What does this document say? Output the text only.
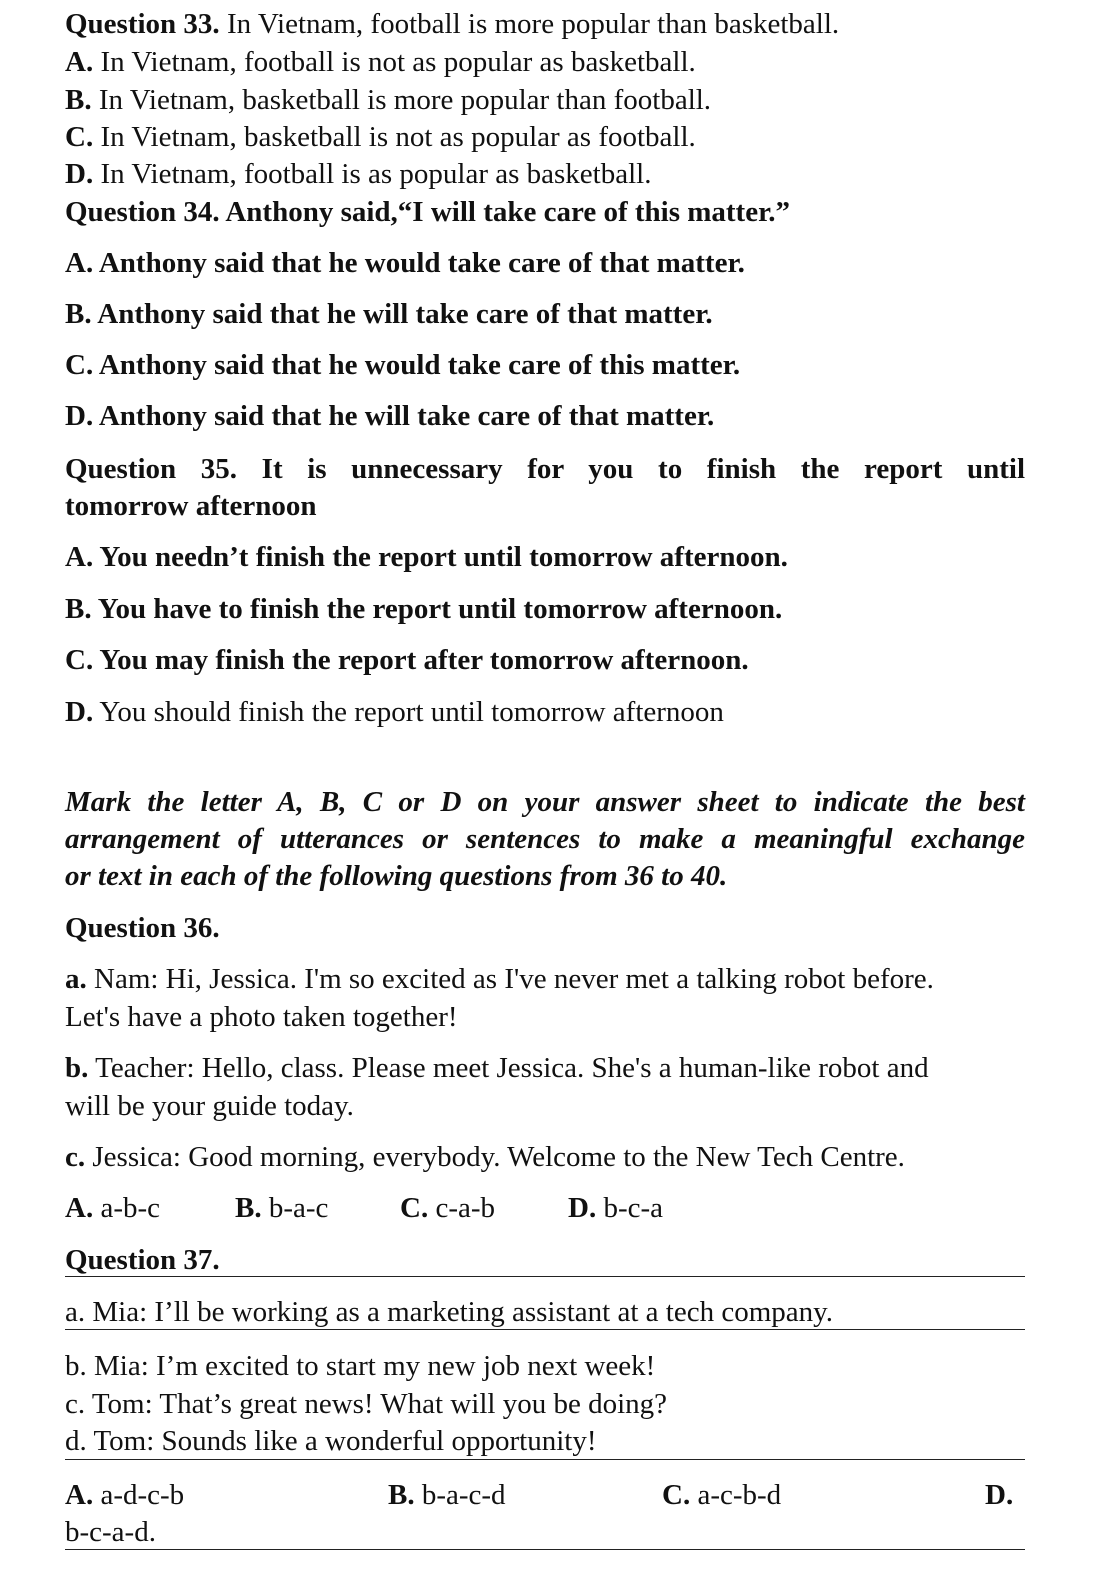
Question 33. In Vietnam, football is more popular than basketball.
A. In Vietnam, football is not as popular as basketball.
B. In Vietnam, basketball is more popular than football.
C. In Vietnam, basketball is not as popular as football.
D. In Vietnam, football is as popular as basketball.
Question 34. Anthony said,“I will take care of this matter.”
A. Anthony said that he would take care of that matter.
B. Anthony said that he will take care of that matter.
C. Anthony said that he would take care of this matter.
D. Anthony said that he will take care of that matter.
Question 35. It is unnecessary for you to finish the report until
tomorrow afternoon
A. You needn’t finish the report until tomorrow afternoon.
B. You have to finish the report until tomorrow afternoon.
C. You may finish the report after tomorrow afternoon.
D. You should finish the report until tomorrow afternoon
Mark the letter A, B, C or D on your answer sheet to indicate the best
arrangement of utterances or sentences to make a meaningful exchange
or text in each of the following questions from 36 to 40.
Question 36.
a. Nam: Hi, Jessica. I'm so excited as I've never met a talking robot before.
Let's have a photo taken together!
b. Teacher: Hello, class. Please meet Jessica. She's a human-like robot and
will be your guide today.
c. Jessica: Good morning, everybody. Welcome to the New Tech Centre.
A. a-b-c	B. b-a-c C. c-a-b	D. b-c-a
Question 37.
a. Mia: I’ll be working as a marketing assistant at a tech company.
b. Mia: I’m excited to start my new job next week!
c. Tom: That’s great news! What will you be doing?
d. Tom: Sounds like a wonderful opportunity!
A. a-d-c-b	B. b-a-c-d	C. a-c-b-d	D.
b-c-a-d.
